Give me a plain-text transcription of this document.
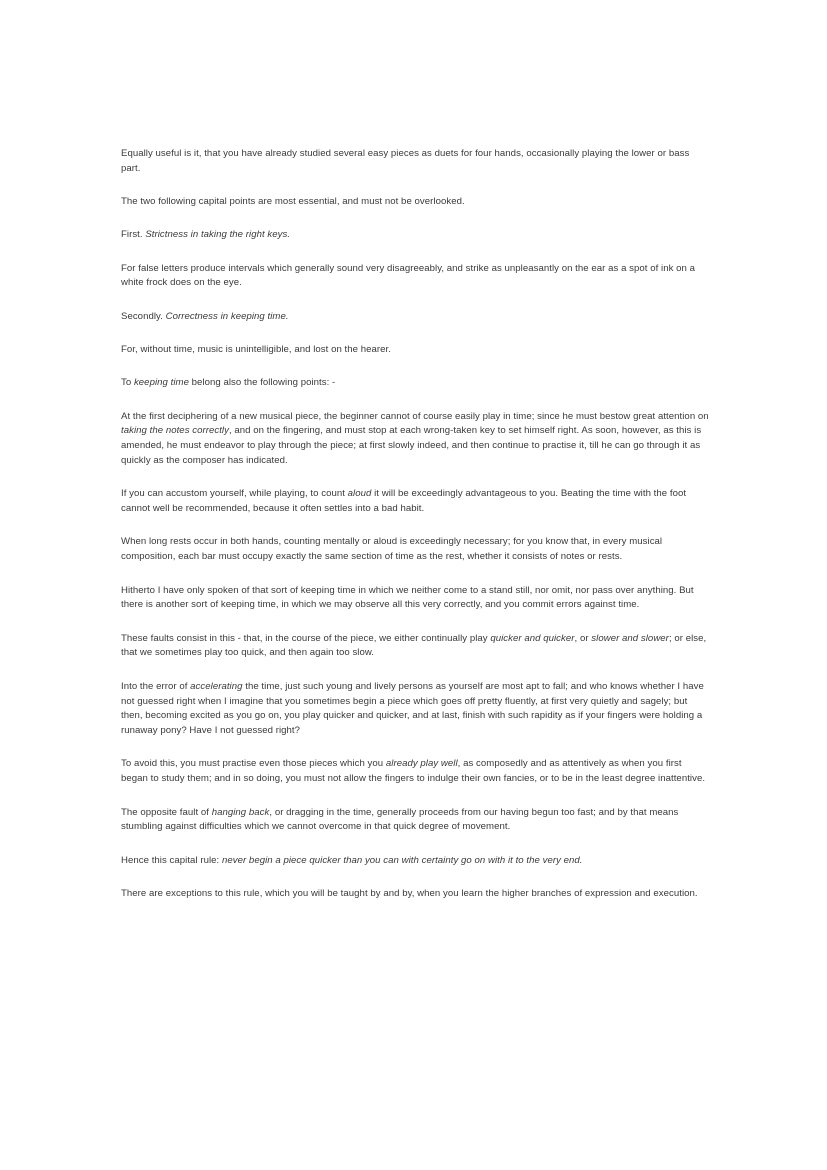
Equally useful is it, that you have already studied several easy pieces as duets for four hands, occasionally playing the lower or bass part.

The two following capital points are most essential, and must not be overlooked.

First. Strictness in taking the right keys.

For false letters produce intervals which generally sound very disagreeably, and strike as unpleasantly on the ear as a spot of ink on a white frock does on the eye.

Secondly. Correctness in keeping time.

For, without time, music is unintelligible, and lost on the hearer.

To keeping time belong also the following points: -

At the first deciphering of a new musical piece, the beginner cannot of course easily play in time; since he must bestow great attention on taking the notes correctly, and on the fingering, and must stop at each wrong-taken key to set himself right. As soon, however, as this is amended, he must endeavor to play through the piece; at first slowly indeed, and then continue to practise it, till he can go through it as quickly as the composer has indicated.

If you can accustom yourself, while playing, to count aloud it will be exceedingly advantageous to you. Beating the time with the foot cannot well be recommended, because it often settles into a bad habit.

When long rests occur in both hands, counting mentally or aloud is exceedingly necessary; for you know that, in every musical composition, each bar must occupy exactly the same section of time as the rest, whether it consists of notes or rests.

Hitherto I have only spoken of that sort of keeping time in which we neither come to a stand still, nor omit, nor pass over anything. But there is another sort of keeping time, in which we may observe all this very correctly, and you commit errors against time.

These faults consist in this - that, in the course of the piece, we either continually play quicker and quicker, or slower and slower; or else, that we sometimes play too quick, and then again too slow.

Into the error of accelerating the time, just such young and lively persons as yourself are most apt to fall; and who knows whether I have not guessed right when I imagine that you sometimes begin a piece which goes off pretty fluently, at first very quietly and sagely; but then, becoming excited as you go on, you play quicker and quicker, and at last, finish with such rapidity as if your fingers were holding a runaway pony? Have I not guessed right?

To avoid this, you must practise even those pieces which you already play well, as composedly and as attentively as when you first began to study them; and in so doing, you must not allow the fingers to indulge their own fancies, or to be in the least degree inattentive.

The opposite fault of hanging back, or dragging in the time, generally proceeds from our having begun too fast; and by that means stumbling against difficulties which we cannot overcome in that quick degree of movement.

Hence this capital rule: never begin a piece quicker than you can with certainty go on with it to the very end.

There are exceptions to this rule, which you will be taught by and by, when you learn the higher branches of expression and execution.
